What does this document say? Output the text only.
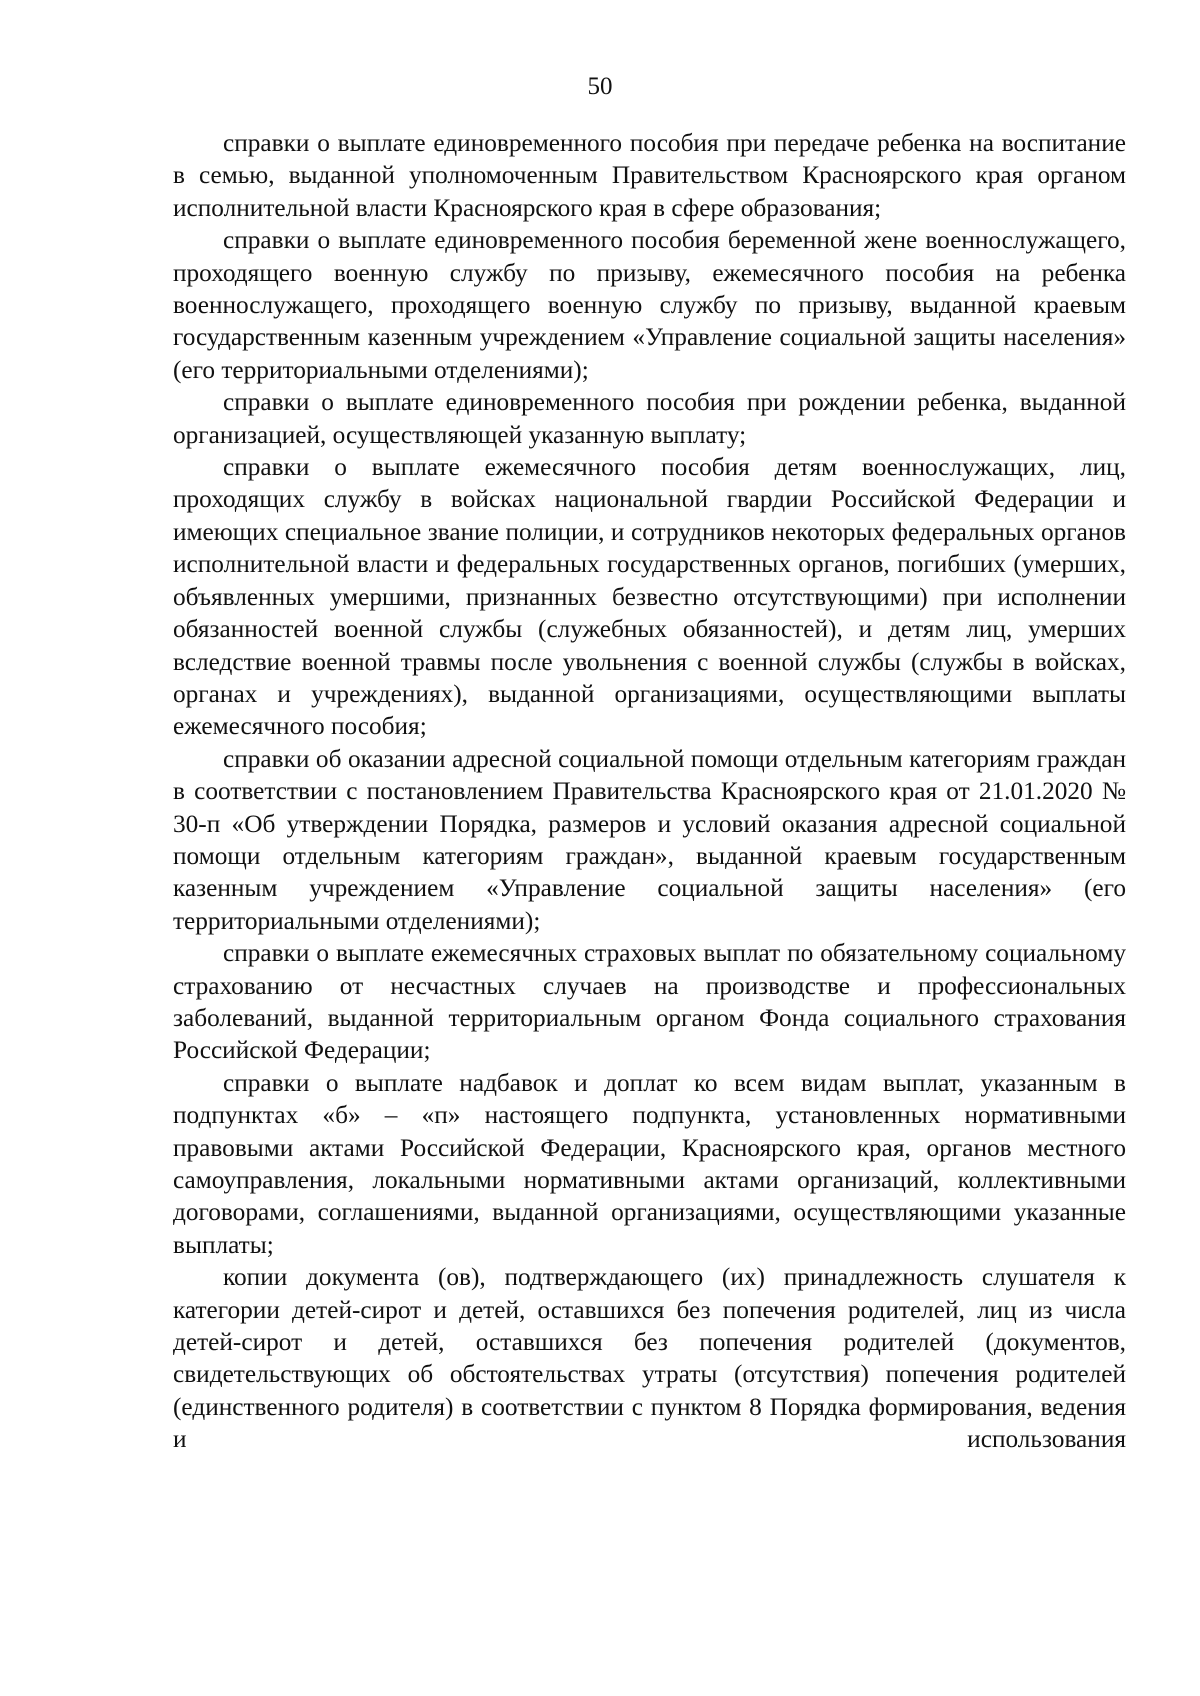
50

справки о выплате единовременного пособия при передаче ребенка на воспитание в семью, выданной уполномоченным Правительством Красноярского края органом исполнительной власти Красноярского края в сфере образования;

справки о выплате единовременного пособия беременной жене военнослужащего, проходящего военную службу по призыву, ежемесячного пособия на ребенка военнослужащего, проходящего военную службу по призыву, выданной краевым государственным казенным учреждением «Управление социальной защиты населения» (его территориальными отделениями);

справки о выплате единовременного пособия при рождении ребенка, выданной организацией, осуществляющей указанную выплату;

справки о выплате ежемесячного пособия детям военнослужащих, лиц, проходящих службу в войсках национальной гвардии Российской Федерации и имеющих специальное звание полиции, и сотрудников некоторых федеральных органов исполнительной власти и федеральных государственных органов, погибших (умерших, объявленных умершими, признанных безвестно отсутствующими) при исполнении обязанностей военной службы (служебных обязанностей), и детям лиц, умерших вследствие военной травмы после увольнения с военной службы (службы в войсках, органах и учреждениях), выданной организациями, осуществляющими выплаты ежемесячного пособия;

справки об оказании адресной социальной помощи отдельным категориям граждан в соответствии с постановлением Правительства Красноярского края от 21.01.2020 № 30-п «Об утверждении Порядка, размеров и условий оказания адресной социальной помощи отдельным категориям граждан», выданной краевым государственным казенным учреждением «Управление социальной защиты населения» (его территориальными отделениями);

справки о выплате ежемесячных страховых выплат по обязательному социальному страхованию от несчастных случаев на производстве и профессиональных заболеваний, выданной территориальным органом Фонда социального страхования Российской Федерации;

справки о выплате надбавок и доплат ко всем видам выплат, указанным в подпунктах «б» – «п» настоящего подпункта, установленных нормативными правовыми актами Российской Федерации, Красноярского края, органов местного самоуправления, локальными нормативными актами организаций, коллективными договорами, соглашениями, выданной организациями, осуществляющими указанные выплаты;

копии документа (ов), подтверждающего (их) принадлежность слушателя к категории детей-сирот и детей, оставшихся без попечения родителей, лиц из числа детей-сирот и детей, оставшихся без попечения родителей (документов, свидетельствующих об обстоятельствах утраты (отсутствия) попечения родителей (единственного родителя) в соответствии с пунктом 8 Порядка формирования, ведения и использования
